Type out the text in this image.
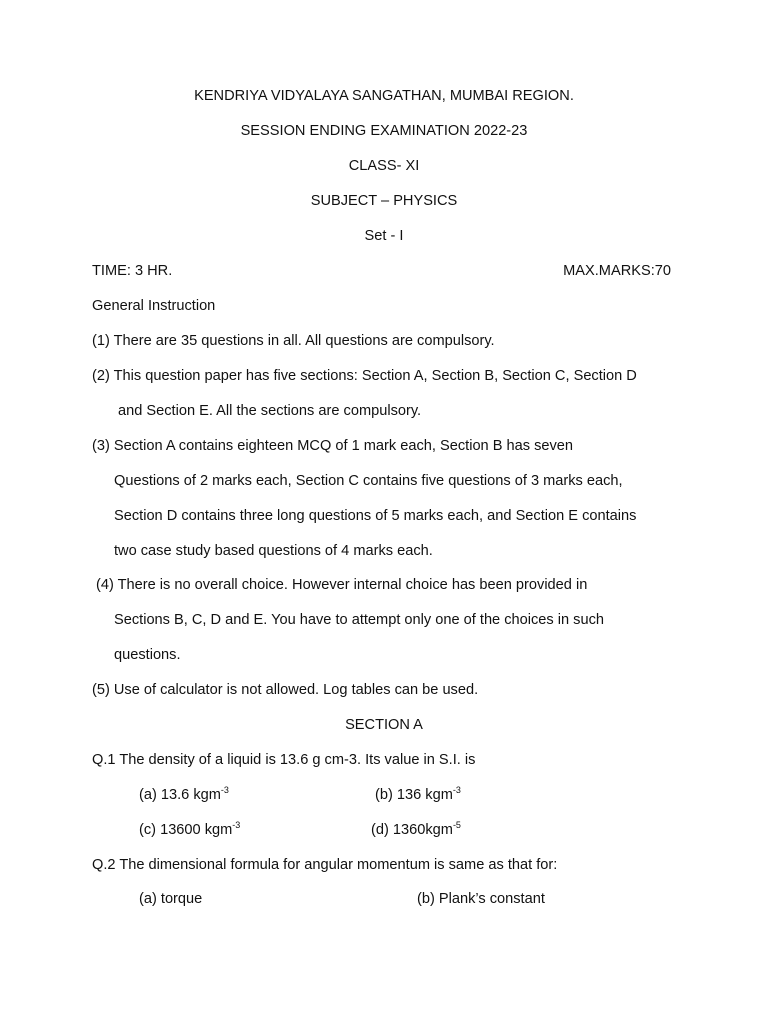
KENDRIYA VIDYALAYA SANGATHAN, MUMBAI REGION.
SESSION ENDING EXAMINATION 2022-23
CLASS- XI
SUBJECT – PHYSICS
Set - I
TIME: 3 HR.	MAX.MARKS:70
General Instruction
(1) There are 35 questions in all. All questions are compulsory.
(2) This question paper has five sections: Section A, Section B, Section C, Section D
and Section E. All the sections are compulsory.
(3) Section A contains eighteen MCQ of 1 mark each, Section B has seven
Questions of 2 marks each, Section C contains five questions of 3 marks each,
Section D contains three long questions of 5 marks each, and Section E contains
two case study based questions of 4 marks each.
(4) There is no overall choice. However internal choice has been provided in
Sections B, C, D and E. You have to attempt only one of the choices in such
questions.
(5) Use of calculator is not allowed. Log tables can be used.
SECTION A
Q.1 The density of a liquid is 13.6 g cm-3. Its value in S.I. is
(a) 13.6 kgm$^{-3}$	(b) 136 kgm$^{-3}$
(c) 13600 kgm$^{-3}$	(d) 1360kgm$^{-5}$
Q.2 The dimensional formula for angular momentum is same as that for:
(a) torque	(b) Plank’s constant
